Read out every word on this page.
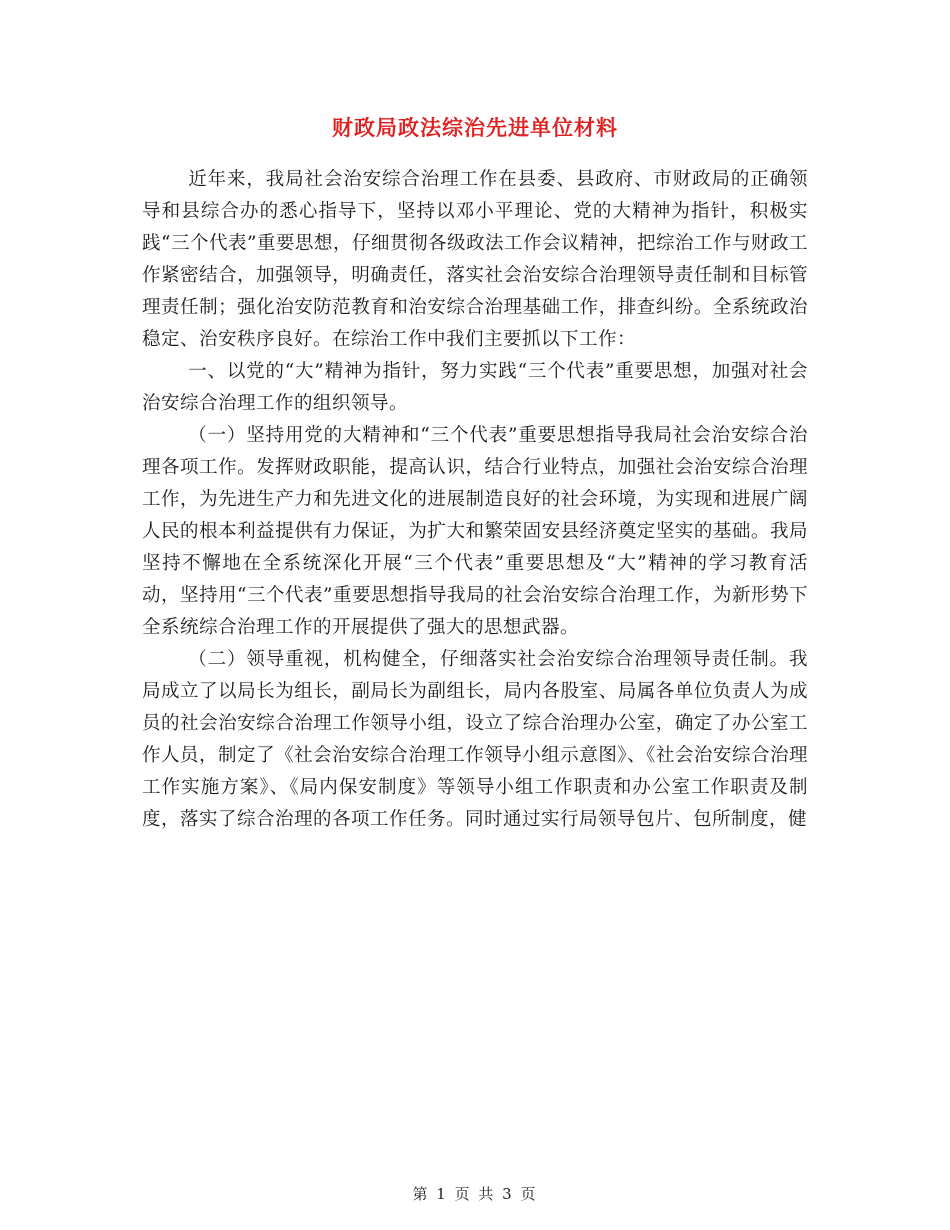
财政局政法综治先进单位材料

近年来，我局社会治安综合治理工作在县委、县政府、市财政局的正确领导和县综合办的悉心指导下，坚持以邓小平理论、党的大精神为指针，积极实践“三个代表”重要思想，仔细贯彻各级政法工作会议精神，把综治工作与财政工作紧密结合，加强领导，明确责任，落实社会治安综合治理领导责任制和目标管理责任制；强化治安防范教育和治安综合治理基础工作，排查纠纷。全系统政治稳定、治安秩序良好。在综治工作中我们主要抓以下工作：

一、以党的“大”精神为指针，努力实践“三个代表”重要思想，加强对社会治安综合治理工作的组织领导。

（一）坚持用党的大精神和“三个代表”重要思想指导我局社会治安综合治理各项工作。发挥财政职能，提高认识，结合行业特点，加强社会治安综合治理工作，为先进生产力和先进文化的进展制造良好的社会环境，为实现和进展广阔人民的根本利益提供有力保证，为扩大和繁荣固安县经济奠定坚实的基础。我局坚持不懈地在全系统深化开展“三个代表”重要思想及“大”精神的学习教育活动，坚持用“三个代表”重要思想指导我局的社会治安综合治理工作，为新形势下全系统综合治理工作的开展提供了强大的思想武器。

（二）领导重视，机构健全，仔细落实社会治安综合治理领导责任制。我局成立了以局长为组长，副局长为副组长，局内各股室、局属各单位负责人为成员的社会治安综合治理工作领导小组，设立了综合治理办公室，确定了办公室工作人员，制定了《社会治安综合治理工作领导小组示意图》、《社会治安综合治理工作实施方案》、《局内保安制度》等领导小组工作职责和办公室工作职责及制度，落实了综合治理的各项工作任务。同时通过实行局领导包片、包所制度，健

第 1 页 共 3 页
